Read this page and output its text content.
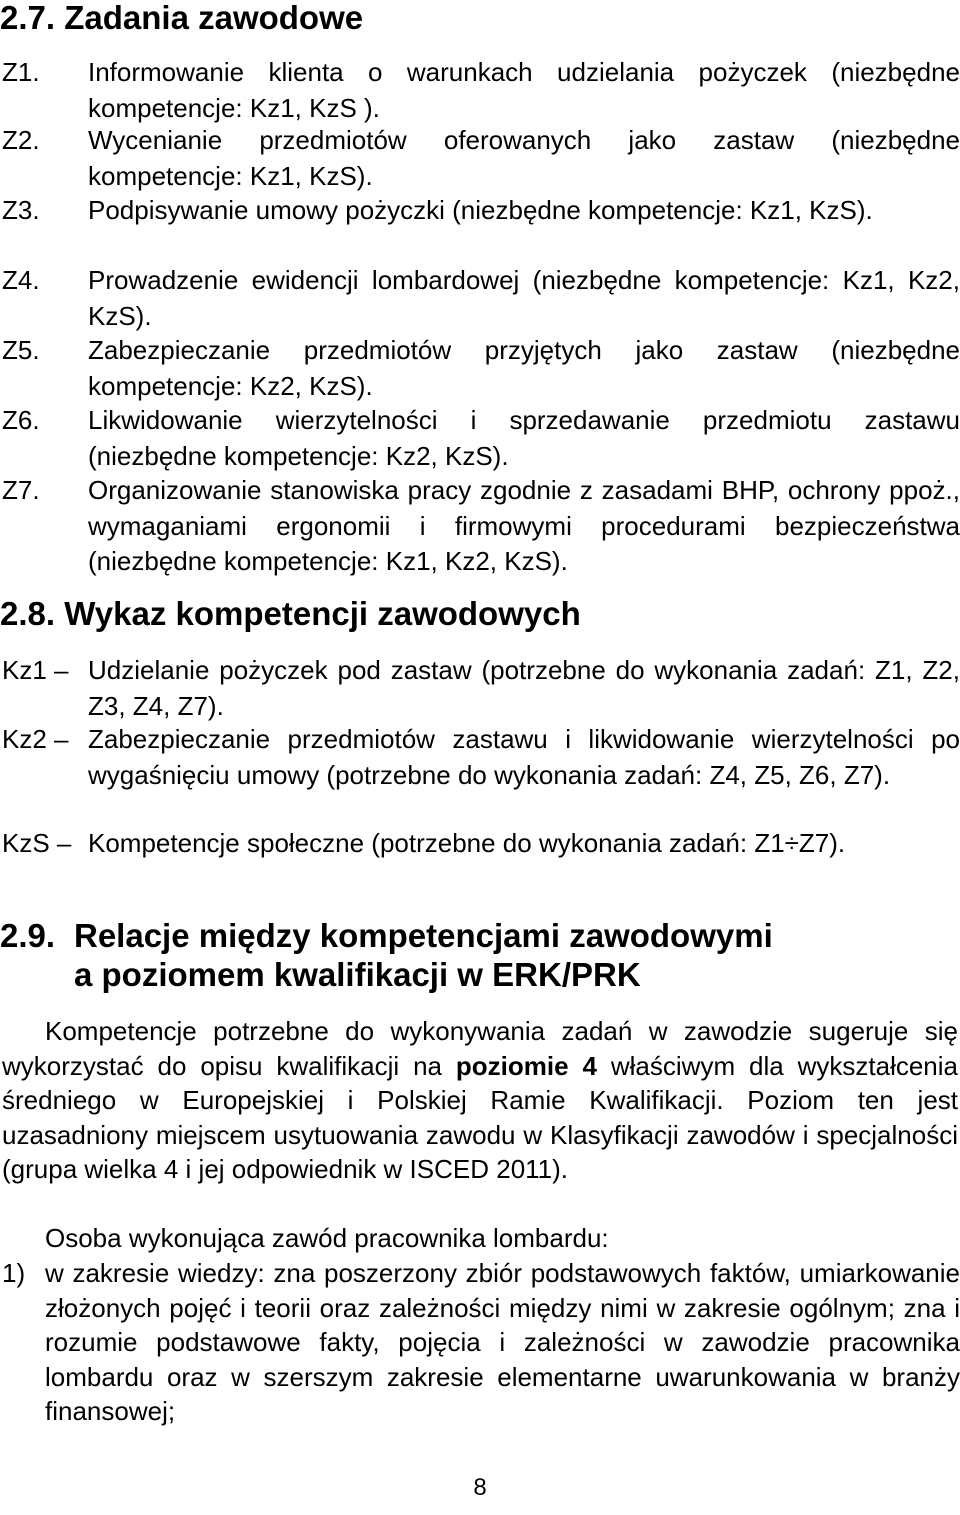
2.7. Zadania zawodowe
Z1. Informowanie klienta o warunkach udzielania pożyczek (niezbędne kompetencje: Kz1, KzS ).
Z2. Wycenianie przedmiotów oferowanych jako zastaw (niezbędne kompetencje: Kz1, KzS).
Z3. Podpisywanie umowy pożyczki (niezbędne kompetencje: Kz1, KzS).
Z4. Prowadzenie ewidencji lombardowej (niezbędne kompetencje: Kz1, Kz2, KzS).
Z5. Zabezpieczanie przedmiotów przyjętych jako zastaw (niezbędne kompetencje: Kz2, KzS).
Z6. Likwidowanie wierzytelności i sprzedawanie przedmiotu zastawu (niezbędne kompetencje: Kz2, KzS).
Z7. Organizowanie stanowiska pracy zgodnie z zasadami BHP, ochrony ppoż., wymaganiami ergonomii i firmowymi procedurami bezpieczeństwa (niezbędne kompetencje: Kz1, Kz2, KzS).
2.8. Wykaz kompetencji zawodowych
Kz1 – Udzielanie pożyczek pod zastaw (potrzebne do wykonania zadań: Z1, Z2, Z3, Z4, Z7).
Kz2 – Zabezpieczanie przedmiotów zastawu i likwidowanie wierzytelności po wygaśnięciu umowy (potrzebne do wykonania zadań: Z4, Z5, Z6, Z7).
KzS – Kompetencje społeczne (potrzebne do wykonania zadań: Z1÷Z7).
2.9. Relacje między kompetencjami zawodowymi
a poziomem kwalifikacji w ERK/PRK

Kompetencje potrzebne do wykonywania zadań w zawodzie sugeruje się wykorzystać do opisu kwalifikacji na poziomie 4 właściwym dla wykształcenia średniego w Europejskiej i Polskiej Ramie Kwalifikacji. Poziom ten jest uzasadniony miejscem usytuowania zawodu w Klasyfikacji zawodów i specjalności (grupa wielka 4 i jej odpowiednik w ISCED 2011).

Osoba wykonująca zawód pracownika lombardu:

1) w zakresie wiedzy: zna poszerzony zbiór podstawowych faktów, umiarkowanie złożonych pojęć i teorii oraz zależności między nimi w zakresie ogólnym; zna i rozumie podstawowe fakty, pojęcia i zależności w zawodzie pracownika lombardu oraz w szerszym zakresie elementarne uwarunkowania w branży finansowej;
8
